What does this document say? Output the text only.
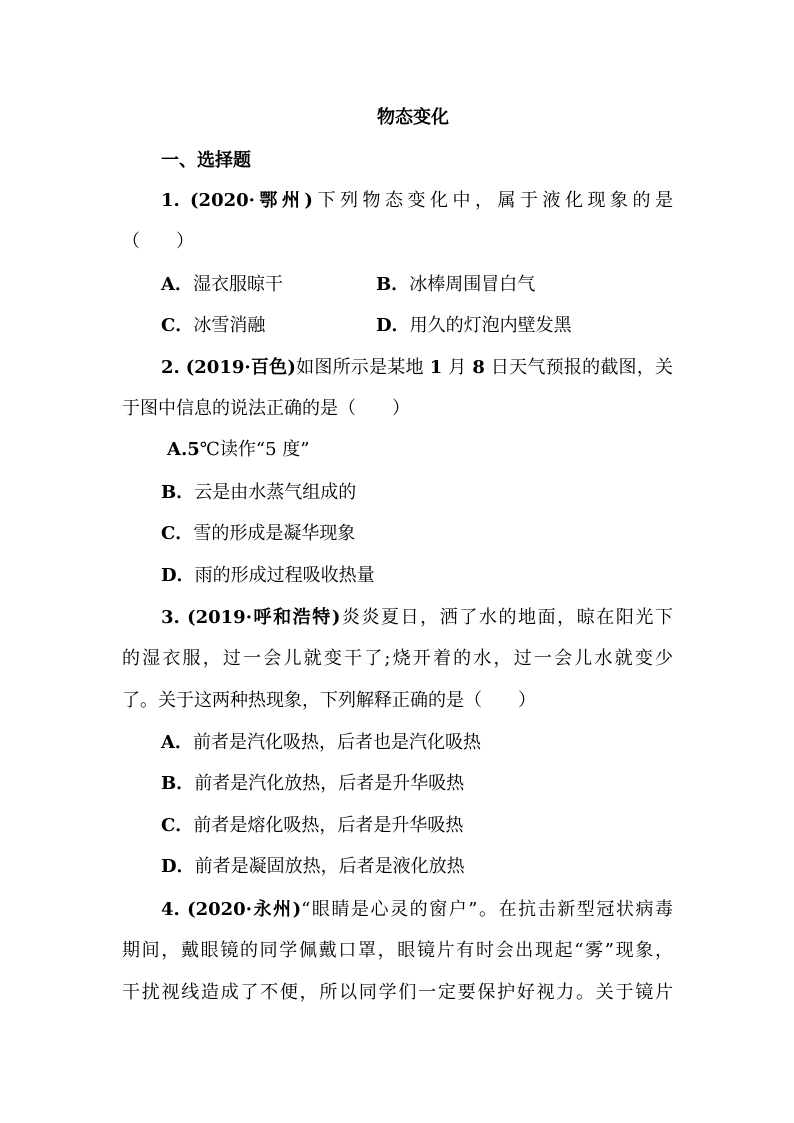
物态变化
一、选择题
1. (2020·鄂州)下列物态变化中，属于液化现象的是
（　　）
A．湿衣服晾干	B．冰棒周围冒白气
C．冰雪消融	D．用久的灯泡内壁发黑
2. (2019·百色)如图所示是某地 1 月 8 日天气预报的截图，关
于图中信息的说法正确的是（　　）
A.5℃读作“5 度”
B．云是由水蒸气组成的
C．雪的形成是凝华现象
D．雨的形成过程吸收热量
3. (2019·呼和浩特)炎炎夏日，洒了水的地面，晾在阳光下
的湿衣服，过一会儿就变干了;烧开着的水，过一会儿水就变少
了。关于这两种热现象，下列解释正确的是（　　）
A．前者是汽化吸热，后者也是汽化吸热
B．前者是汽化放热，后者是升华吸热
C．前者是熔化吸热，后者是升华吸热
D．前者是凝固放热，后者是液化放热
4. (2020·永州)“眼睛是心灵的窗户”。在抗击新型冠状病毒
期间，戴眼镜的同学佩戴口罩，眼镜片有时会出现起“雾”现象，
干扰视线造成了不便，所以同学们一定要保护好视力。关于镜片
